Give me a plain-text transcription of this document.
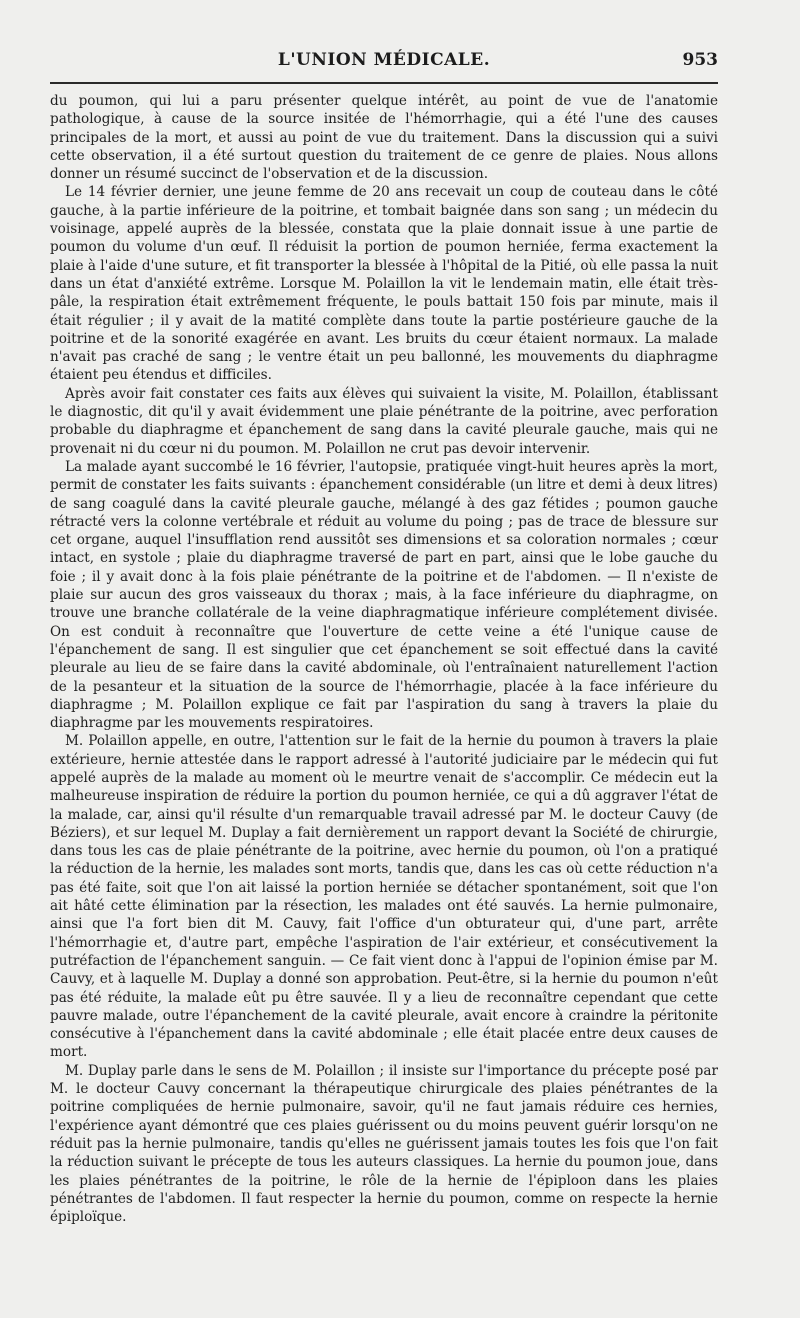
L'UNION MÉDICALE.	953

du poumon, qui lui a paru présenter quelque intérêt, au point de vue de l'anatomie pathologique, à cause de la source insitée de l'hémorrhagie, qui a été l'une des causes principales de la mort, et aussi au point de vue du traitement. Dans la discussion qui a suivi cette observation, il a été surtout question du traitement de ce genre de plaies. Nous allons donner un résumé succinct de l'observation et de la discussion.

Le 14 février dernier, une jeune femme de 20 ans recevait un coup de couteau dans le côté gauche, à la partie inférieure de la poitrine, et tombait baignée dans son sang ; un médecin du voisinage, appelé auprès de la blessée, constata que la plaie donnait issue à une partie de poumon du volume d'un œuf. Il réduisit la portion de poumon herniée, ferma exactement la plaie à l'aide d'une suture, et fit transporter la blessée à l'hôpital de la Pitié, où elle passa la nuit dans un état d'anxiété extrême. Lorsque M. Polaillon la vit le lendemain matin, elle était très-pâle, la respiration était extrêmement fréquente, le pouls battait 150 fois par minute, mais il était régulier ; il y avait de la matité complète dans toute la partie postérieure gauche de la poitrine et de la sonorité exagérée en avant. Les bruits du cœur étaient normaux. La malade n'avait pas craché de sang ; le ventre était un peu ballonné, les mouvements du diaphragme étaient peu étendus et difficiles.

Après avoir fait constater ces faits aux élèves qui suivaient la visite, M. Polaillon, établissant le diagnostic, dit qu'il y avait évidemment une plaie pénétrante de la poitrine, avec perforation probable du diaphragme et épanchement de sang dans la cavité pleurale gauche, mais qui ne provenait ni du cœur ni du poumon. M. Polaillon ne crut pas devoir intervenir.

La malade ayant succombé le 16 février, l'autopsie, pratiquée vingt-huit heures après la mort, permit de constater les faits suivants : épanchement considérable (un litre et demi à deux litres) de sang coagulé dans la cavité pleurale gauche, mélangé à des gaz fétides ; poumon gauche rétracté vers la colonne vertébrale et réduit au volume du poing ; pas de trace de blessure sur cet organe, auquel l'insufflation rend aussitôt ses dimensions et sa coloration normales ; cœur intact, en systole ; plaie du diaphragme traversé de part en part, ainsi que le lobe gauche du foie ; il y avait donc à la fois plaie pénétrante de la poitrine et de l'abdomen. — Il n'existe de plaie sur aucun des gros vaisseaux du thorax ; mais, à la face inférieure du diaphragme, on trouve une branche collatérale de la veine diaphragmatique inférieure complétement divisée. On est conduit à reconnaître que l'ouverture de cette veine a été l'unique cause de l'épanchement de sang. Il est singulier que cet épanchement se soit effectué dans la cavité pleurale au lieu de se faire dans la cavité abdominale, où l'entraînaient naturellement l'action de la pesanteur et la situation de la source de l'hémorrhagie, placée à la face inférieure du diaphragme ; M. Polaillon explique ce fait par l'aspiration du sang à travers la plaie du diaphragme par les mouvements respiratoires.

M. Polaillon appelle, en outre, l'attention sur le fait de la hernie du poumon à travers la plaie extérieure, hernie attestée dans le rapport adressé à l'autorité judiciaire par le médecin qui fut appelé auprès de la malade au moment où le meurtre venait de s'accomplir. Ce médecin eut la malheureuse inspiration de réduire la portion du poumon herniée, ce qui a dû aggraver l'état de la malade, car, ainsi qu'il résulte d'un remarquable travail adressé par M. le docteur Cauvy (de Béziers), et sur lequel M. Duplay a fait dernièrement un rapport devant la Société de chirurgie, dans tous les cas de plaie pénétrante de la poitrine, avec hernie du poumon, où l'on a pratiqué la réduction de la hernie, les malades sont morts, tandis que, dans les cas où cette réduction n'a pas été faite, soit que l'on ait laissé la portion herniée se détacher spontanément, soit que l'on ait hâté cette élimination par la résection, les malades ont été sauvés. La hernie pulmonaire, ainsi que l'a fort bien dit M. Cauvy, fait l'office d'un obturateur qui, d'une part, arrête l'hémorrhagie et, d'autre part, empêche l'aspiration de l'air extérieur, et consécutivement la putréfaction de l'épanchement sanguin. — Ce fait vient donc à l'appui de l'opinion émise par M. Cauvy, et à laquelle M. Duplay a donné son approbation. Peut-être, si la hernie du poumon n'eût pas été réduite, la malade eût pu être sauvée. Il y a lieu de reconnaître cependant que cette pauvre malade, outre l'épanchement de la cavité pleurale, avait encore à craindre la péritonite consécutive à l'épanchement dans la cavité abdominale ; elle était placée entre deux causes de mort.

M. Duplay parle dans le sens de M. Polaillon ; il insiste sur l'importance du précepte posé par M. le docteur Cauvy concernant la thérapeutique chirurgicale des plaies pénétrantes de la poitrine compliquées de hernie pulmonaire, savoir, qu'il ne faut jamais réduire ces hernies, l'expérience ayant démontré que ces plaies guérissent ou du moins peuvent guérir lorsqu'on ne réduit pas la hernie pulmonaire, tandis qu'elles ne guérissent jamais toutes les fois que l'on fait la réduction suivant le précepte de tous les auteurs classiques. La hernie du poumon joue, dans les plaies pénétrantes de la poitrine, le rôle de la hernie de l'épiploon dans les plaies pénétrantes de l'abdomen. Il faut respecter la hernie du poumon, comme on respecte la hernie épiploïque.
